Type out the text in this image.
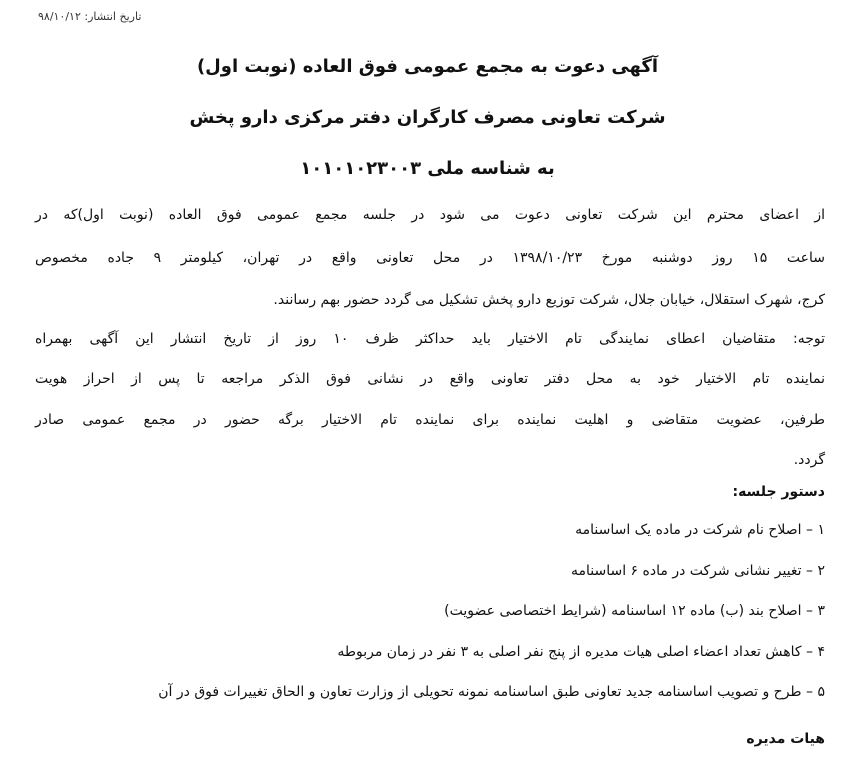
تاریخ انتشار: ۹۸/۱۰/۱۲
آگهی دعوت به مجمع عمومی فوق العاده (نوبت اول)
شرکت تعاونی مصرف کارگران دفتر مرکزی دارو پخش
به شناسه ملی ۱۰۱۰۱۰۲۳۰۰۳
از اعضای محترم این شرکت تعاونی دعوت می شود در جلسه مجمع عمومی فوق العاده (نوبت اول)که در
ساعت ۱۵ روز دوشنبه مورخ ۱۳۹۸/۱۰/۲۳ در محل تعاونی واقع در تهران، کیلومتر ۹ جاده مخصوص
کرج، شهرک استقلال، خیابان جلال، شرکت توزیع دارو پخش تشکیل می گردد حضور بهم رسانند.
توجه: متقاضیان اعطای نمایندگی تام الاختیار باید حداکثر ظرف ۱۰ روز از تاریخ انتشار این آگهی بهمراه
نماینده تام الاختیار خود به محل دفتر تعاونی واقع در نشانی فوق الذکر مراجعه تا پس از احراز هویت
طرفین، عضویت متقاضی و اهلیت نماینده برای نماینده تام الاختیار برگه حضور در مجمع عمومی صادر
گردد.
دستور جلسه:
۱ – اصلاح نام شرکت در ماده یک اساسنامه
۲ – تغییر نشانی شرکت در ماده ۶ اساسنامه
۳ – اصلاح بند (ب) ماده ۱۲ اساسنامه (شرایط اختصاصی عضویت)
۴ – کاهش تعداد اعضاء اصلی هیات مدیره از پنج نفر اصلی به ۳ نفر در زمان مربوطه
۵ – طرح و تصویب اساسنامه جدید تعاونی طبق اساسنامه نمونه تحویلی از وزارت تعاون و الحاق تغییرات فوق در آن
هیات مدیره
